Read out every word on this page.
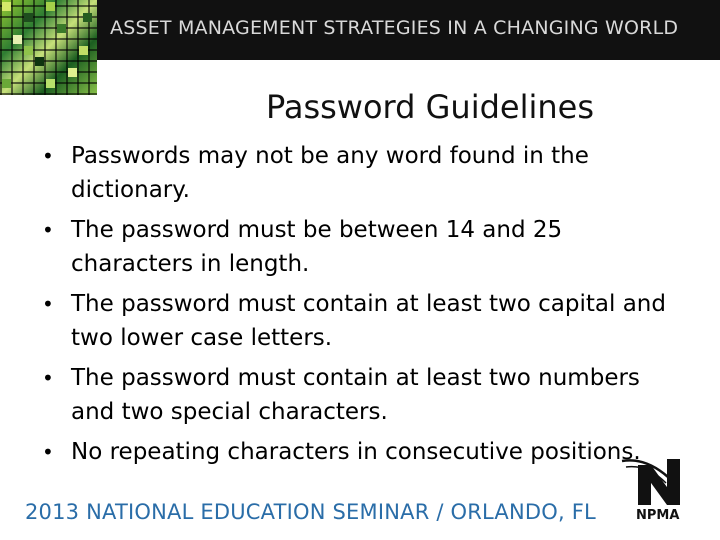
ASSET MANAGEMENT STRATEGIES IN A CHANGING WORLD
Password Guidelines
• Passwords may not be any word found in the dictionary.
• The password must be between 14 and 25 characters in length.
• The password must contain at least two capital and two lower case letters.
• The password must contain at least two numbers and two special characters.
• No repeating characters in consecutive positions.
2013 NATIONAL EDUCATION SEMINAR / ORLANDO, FL	NPMA
